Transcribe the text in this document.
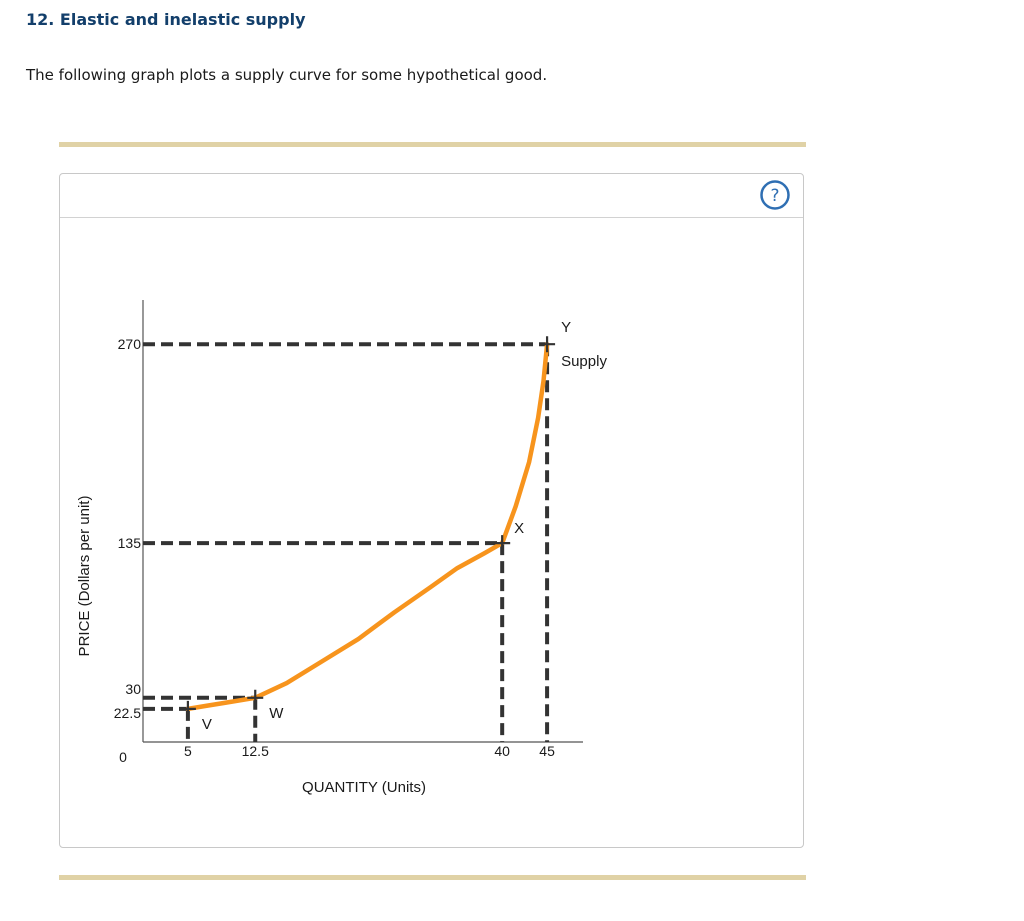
12. Elastic and inelastic supply
The following graph plots a supply curve for some hypothetical good.
?
QUANTITY (Units)
PRICE (Dollars per unit)
0	5	12.5	40 45
22.5
30
135
270
Supply
V
W
X
Y
